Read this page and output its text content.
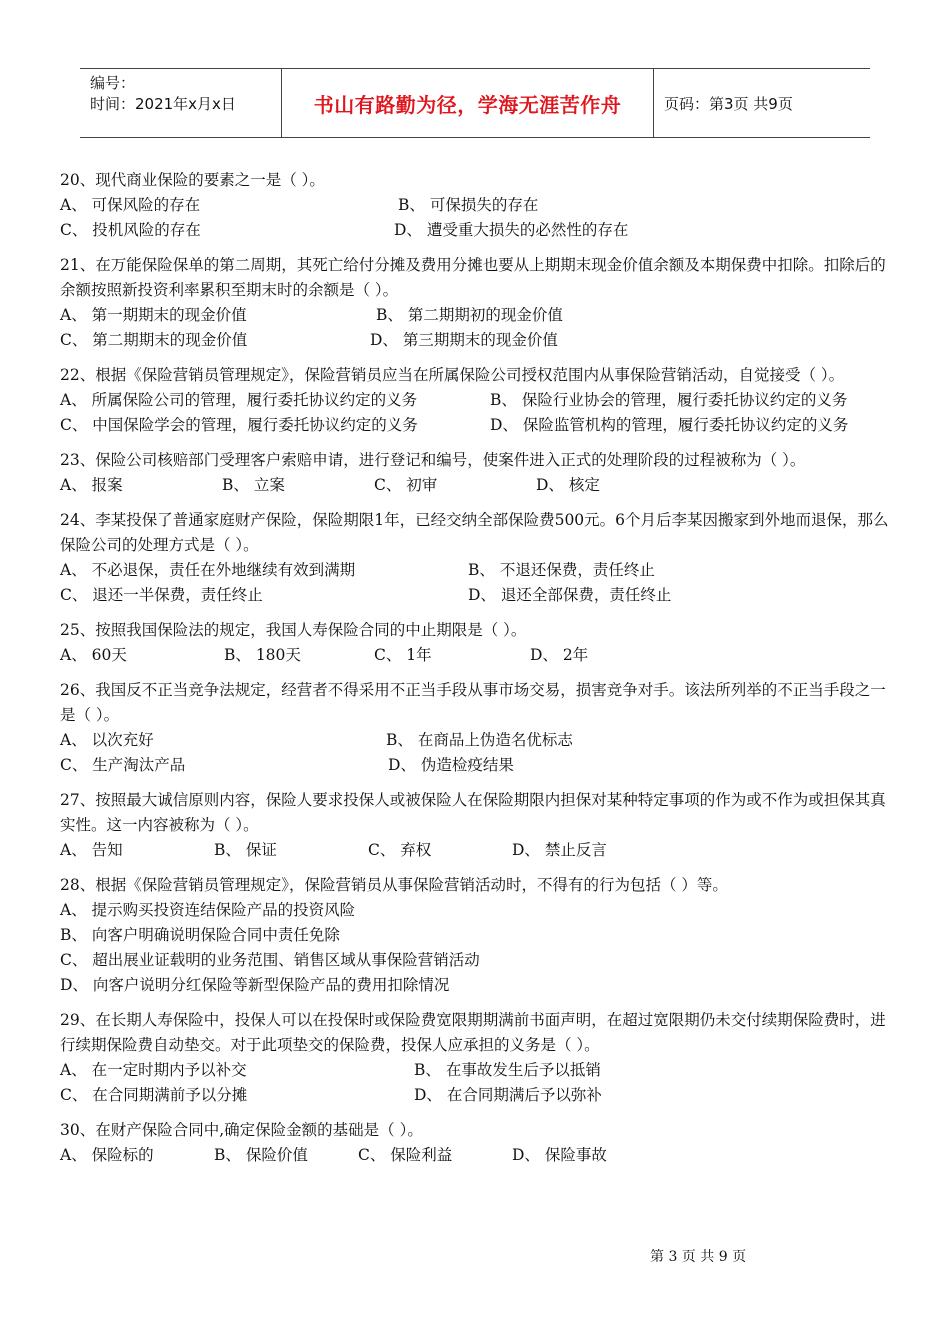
编号：
时间：2021年x月x日	书山有路勤为径，学海无涯苦作舟	页码：第3页 共9页
20、现代商业保险的要素之一是（ ）。
A、 可保风险的存在	B、 可保损失的存在
C、 投机风险的存在	D、 遭受重大损失的必然性的存在
21、在万能保险保单的第二周期，其死亡给付分摊及费用分摊也要从上期期末现金价值余额及本期保费中扣除。扣除后的余额按照新投资利率累积至期末时的余额是（ ）。
A、 第一期期末的现金价值	B、 第二期期初的现金价值
C、 第二期期末的现金价值	D、 第三期期末的现金价值
22、根据《保险营销员管理规定》，保险营销员应当在所属保险公司授权范围内从事保险营销活动，自觉接受（ ）。
A、 所属保险公司的管理，履行委托协议约定的义务	B、 保险行业协会的管理，履行委托协议约定的义务
C、 中国保险学会的管理，履行委托协议约定的义务	D、 保险监管机构的管理，履行委托协议约定的义务
23、保险公司核赔部门受理客户索赔申请，进行登记和编号，使案件进入正式的处理阶段的过程被称为（ ）。
A、 报案	B、 立案	C、 初审	D、 核定
24、李某投保了普通家庭财产保险，保险期限1年，已经交纳全部保险费500元。6个月后李某因搬家到外地而退保，那么保险公司的处理方式是（ ）。
A、 不必退保，责任在外地继续有效到满期	B、 不退还保费，责任终止
C、 退还一半保费，责任终止	D、 退还全部保费，责任终止
25、按照我国保险法的规定，我国人寿保险合同的中止期限是（ ）。
A、 60天	B、 180天	C、 1年	D、 2年
26、我国反不正当竞争法规定，经营者不得采用不正当手段从事市场交易，损害竞争对手。该法所列举的不正当手段之一是（ ）。
A、 以次充好	B、 在商品上伪造名优标志
C、 生产淘汰产品	D、 伪造检疫结果
27、按照最大诚信原则内容，保险人要求投保人或被保险人在保险期限内担保对某种特定事项的作为或不作为或担保其真实性。这一内容被称为（ ）。
A、 告知	B、 保证	C、 弃权	D、 禁止反言
28、根据《保险营销员管理规定》，保险营销员从事保险营销活动时，不得有的行为包括（ ）等。
A、 提示购买投资连结保险产品的投资风险
B、 向客户明确说明保险合同中责任免除
C、 超出展业证载明的业务范围、销售区域从事保险营销活动
D、 向客户说明分红保险等新型保险产品的费用扣除情况
29、在长期人寿保险中，投保人可以在投保时或保险费宽限期期满前书面声明，在超过宽限期仍未交付续期保险费时，进行续期保险费自动垫交。对于此项垫交的保险费，投保人应承担的义务是（ ）。
A、 在一定时期内予以补交	B、 在事故发生后予以抵销
C、 在合同期满前予以分摊	D、 在合同期满后予以弥补
30、在财产保险合同中,确定保险金额的基础是（ ）。
A、 保险标的	B、 保险价值	C、 保险利益	D、 保险事故
第 3 页 共 9 页
